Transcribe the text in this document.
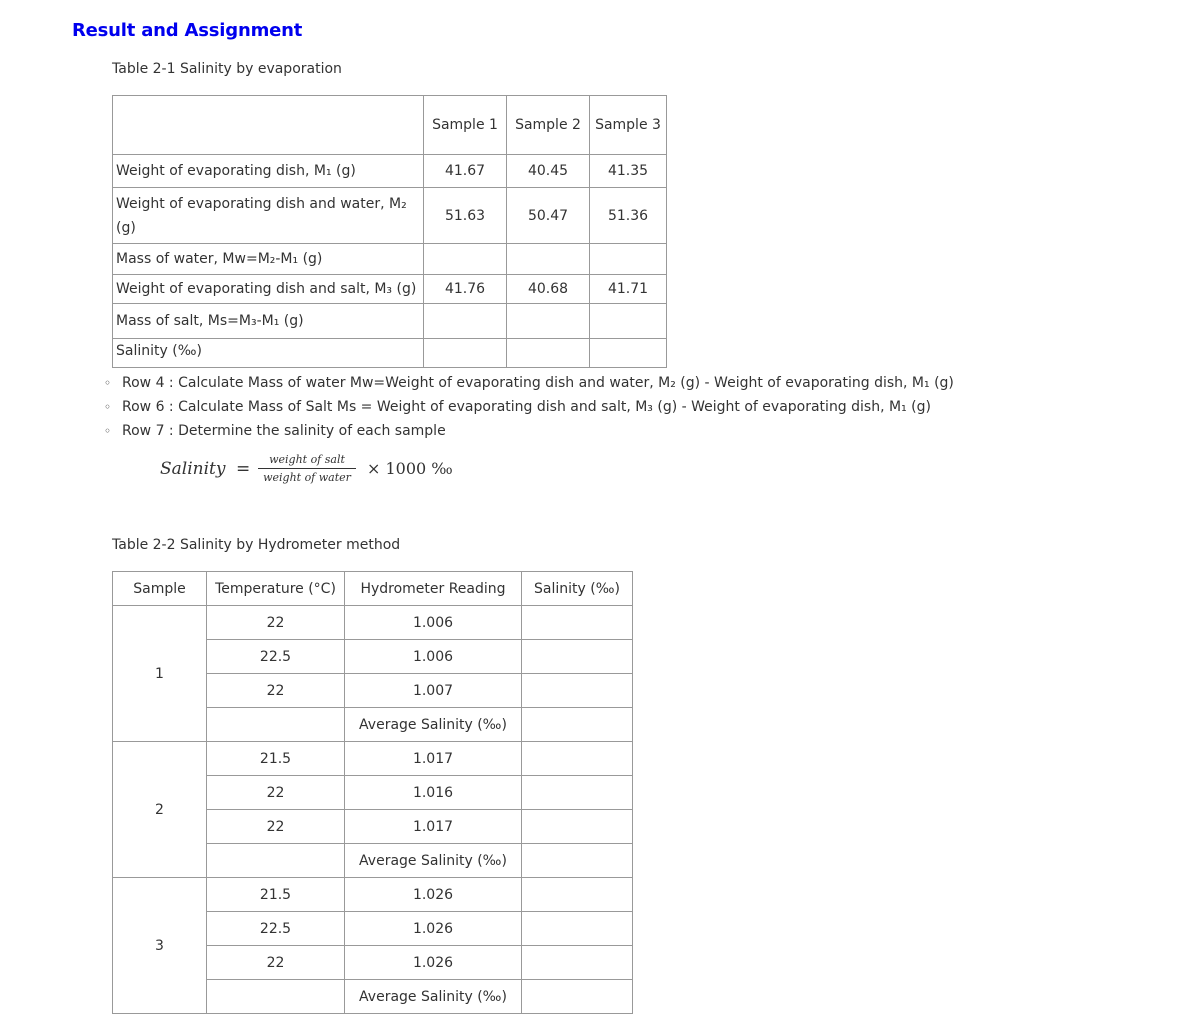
Result and Assignment
Table 2-1 Salinity by evaporation
	Sample 1	Sample 2	Sample 3
Weight of evaporating dish, M₁ (g)	41.67	40.45	41.35
Weight of evaporating dish and water, M₂ (g)	51.63	50.47	51.36
Mass of water, Mw=M₂-M₁ (g)			
Weight of evaporating dish and salt, M₃ (g)	41.76	40.68	41.71
Mass of salt, Ms=M₃-M₁ (g)			
Salinity (‰)			
◦ Row 4 : Calculate Mass of water Mw=Weight of evaporating dish and water, M₂ (g) - Weight of evaporating dish, M₁ (g)
◦ Row 6 : Calculate Mass of Salt Ms = Weight of evaporating dish and salt, M₃ (g) - Weight of evaporating dish, M₁ (g)
◦ Row 7 : Determine the salinity of each sample
Salinity =	weight of salt
weight of water	× 1000 ‰
Table 2-2 Salinity by Hydrometer method
Sample	Temperature (°C)	Hydrometer Reading	Salinity (‰)
1	22	1.006	
	22.5	1.006	
	22	1.007	
		Average Salinity (‰)	
2	21.5	1.017	
	22	1.016	
	22	1.017	
		Average Salinity (‰)	
3	21.5	1.026	
	22.5	1.026	
	22	1.026	
		Average Salinity (‰)	
